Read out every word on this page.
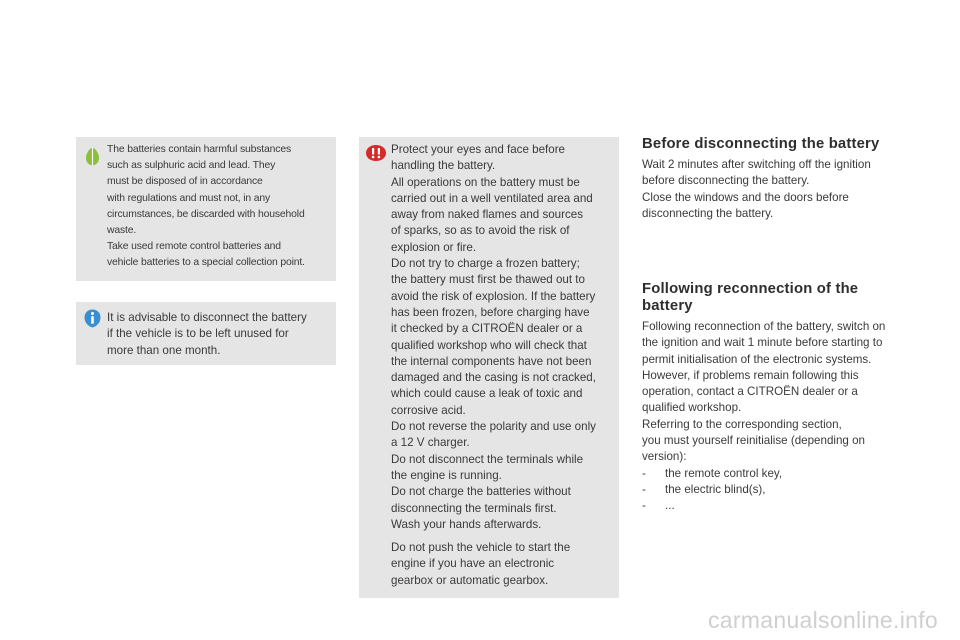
The batteries contain harmful substances
such as sulphuric acid and lead. They
must be disposed of in accordance
with regulations and must not, in any
circumstances, be discarded with household
waste.
Take used remote control batteries and
vehicle batteries to a special collection point.
It is advisable to disconnect the battery
if the vehicle is to be left unused for
more than one month.
Protect your eyes and face before
handling the battery.
All operations on the battery must be
carried out in a well ventilated area and
away from naked flames and sources
of sparks, so as to avoid the risk of
explosion or fire.
Do not try to charge a frozen battery;
the battery must first be thawed out to
avoid the risk of explosion. If the battery
has been frozen, before charging have
it checked by a CITROËN dealer or a
qualified workshop who will check that
the internal components have not been
damaged and the casing is not cracked,
which could cause a leak of toxic and
corrosive acid.
Do not reverse the polarity and use only
a 12 V charger.
Do not disconnect the terminals while
the engine is running.
Do not charge the batteries without
disconnecting the terminals first.
Wash your hands afterwards.
Do not push the vehicle to start the
engine if you have an electronic
gearbox or automatic gearbox.
Before disconnecting the battery
Wait 2 minutes after switching off the ignition
before disconnecting the battery.
Close the windows and the doors before
disconnecting the battery.
Following reconnection of the
battery
Following reconnection of the battery, switch on
the ignition and wait 1 minute before starting to
permit initialisation of the electronic systems.
However, if problems remain following this
operation, contact a CITROËN dealer or a
qualified workshop.
Referring to the corresponding section,
you must yourself reinitialise (depending on
version):
- the remote control key,
- the electric blind(s),
- ...
carmanualsonline.info
